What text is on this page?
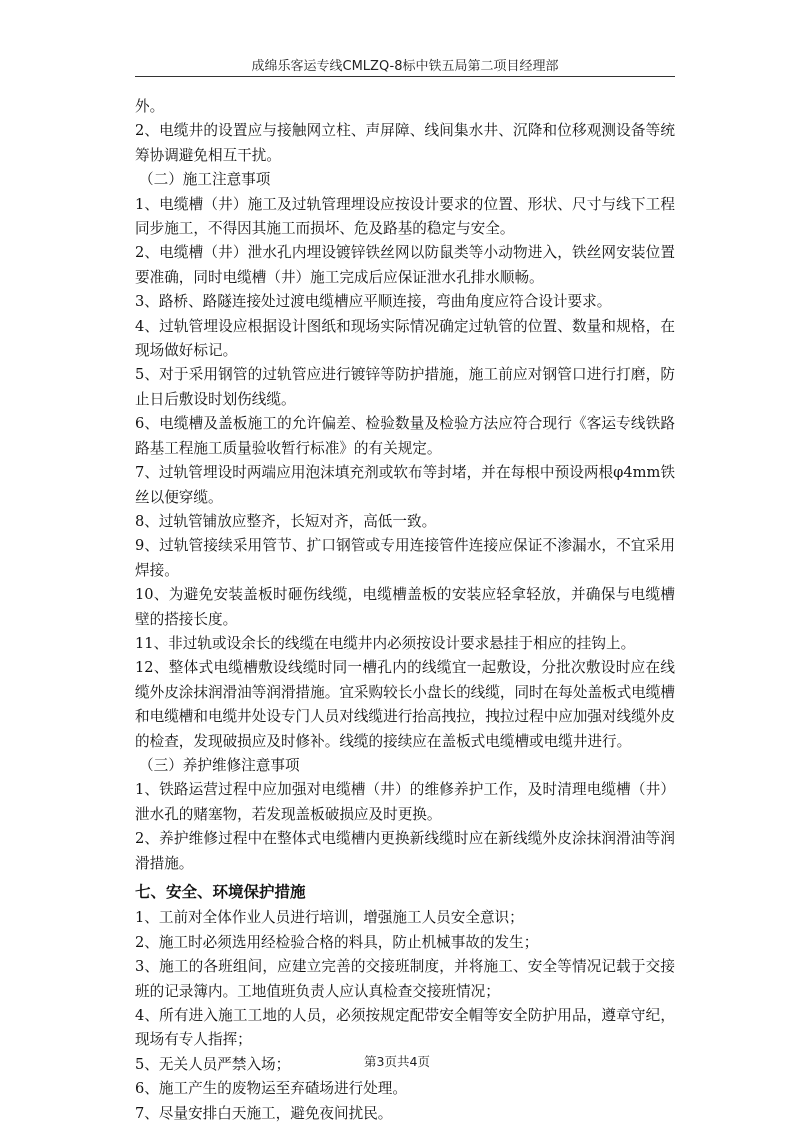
成绵乐客运专线CMLZQ-8标中铁五局第二项目经理部

外。

2、电缆井的设置应与接触网立柱、声屏障、线间集水井、沉降和位移观测设备等统筹协调避免相互干扰。

（二）施工注意事项

1、电缆槽（井）施工及过轨管理埋设应按设计要求的位置、形状、尺寸与线下工程同步施工，不得因其施工而损坏、危及路基的稳定与安全。

2、电缆槽（井）泄水孔内埋设镀锌铁丝网以防鼠类等小动物进入，铁丝网安装位置要准确，同时电缆槽（井）施工完成后应保证泄水孔排水顺畅。

3、路桥、路隧连接处过渡电缆槽应平顺连接，弯曲角度应符合设计要求。

4、过轨管埋设应根据设计图纸和现场实际情况确定过轨管的位置、数量和规格，在现场做好标记。

5、对于采用钢管的过轨管应进行镀锌等防护措施，施工前应对钢管口进行打磨，防止日后敷设时划伤线缆。

6、电缆槽及盖板施工的允许偏差、检验数量及检验方法应符合现行《客运专线铁路路基工程施工质量验收暂行标准》的有关规定。

7、过轨管埋设时两端应用泡沫填充剂或软布等封堵，并在每根中预设两根φ4mm铁丝以便穿缆。

8、过轨管铺放应整齐，长短对齐，高低一致。

9、过轨管接续采用管节、扩口钢管或专用连接管件连接应保证不渗漏水，不宜采用焊接。

10、为避免安装盖板时砸伤线缆，电缆槽盖板的安装应轻拿轻放，并确保与电缆槽壁的搭接长度。

11、非过轨或设余长的线缆在电缆井内必须按设计要求悬挂于相应的挂钩上。

12、整体式电缆槽敷设线缆时同一槽孔内的线缆宜一起敷设，分批次敷设时应在线缆外皮涂抹润滑油等润滑措施。宜采购较长小盘长的线缆，同时在每处盖板式电缆槽和电缆槽和电缆井处设专门人员对线缆进行抬高拽拉，拽拉过程中应加强对线缆外皮的检查，发现破损应及时修补。线缆的接续应在盖板式电缆槽或电缆井进行。

（三）养护维修注意事项

1、铁路运营过程中应加强对电缆槽（井）的维修养护工作，及时清理电缆槽（井）泄水孔的赌塞物，若发现盖板破损应及时更换。

2、养护维修过程中在整体式电缆槽内更换新线缆时应在新线缆外皮涂抹润滑油等润滑措施。

七、安全、环境保护措施

1、工前对全体作业人员进行培训，增强施工人员安全意识；

2、施工时必须选用经检验合格的料具，防止机械事故的发生；

3、施工的各班组间，应建立完善的交接班制度，并将施工、安全等情况记载于交接班的记录簿内。工地值班负责人应认真检查交接班情况；

4、所有进入施工工地的人员，必须按规定配带安全帽等安全防护用品，遵章守纪，现场有专人指挥；

5、无关人员严禁入场；

6、施工产生的废物运至弃碴场进行处理。

7、尽量安排白天施工，避免夜间扰民。

第3页共4页
